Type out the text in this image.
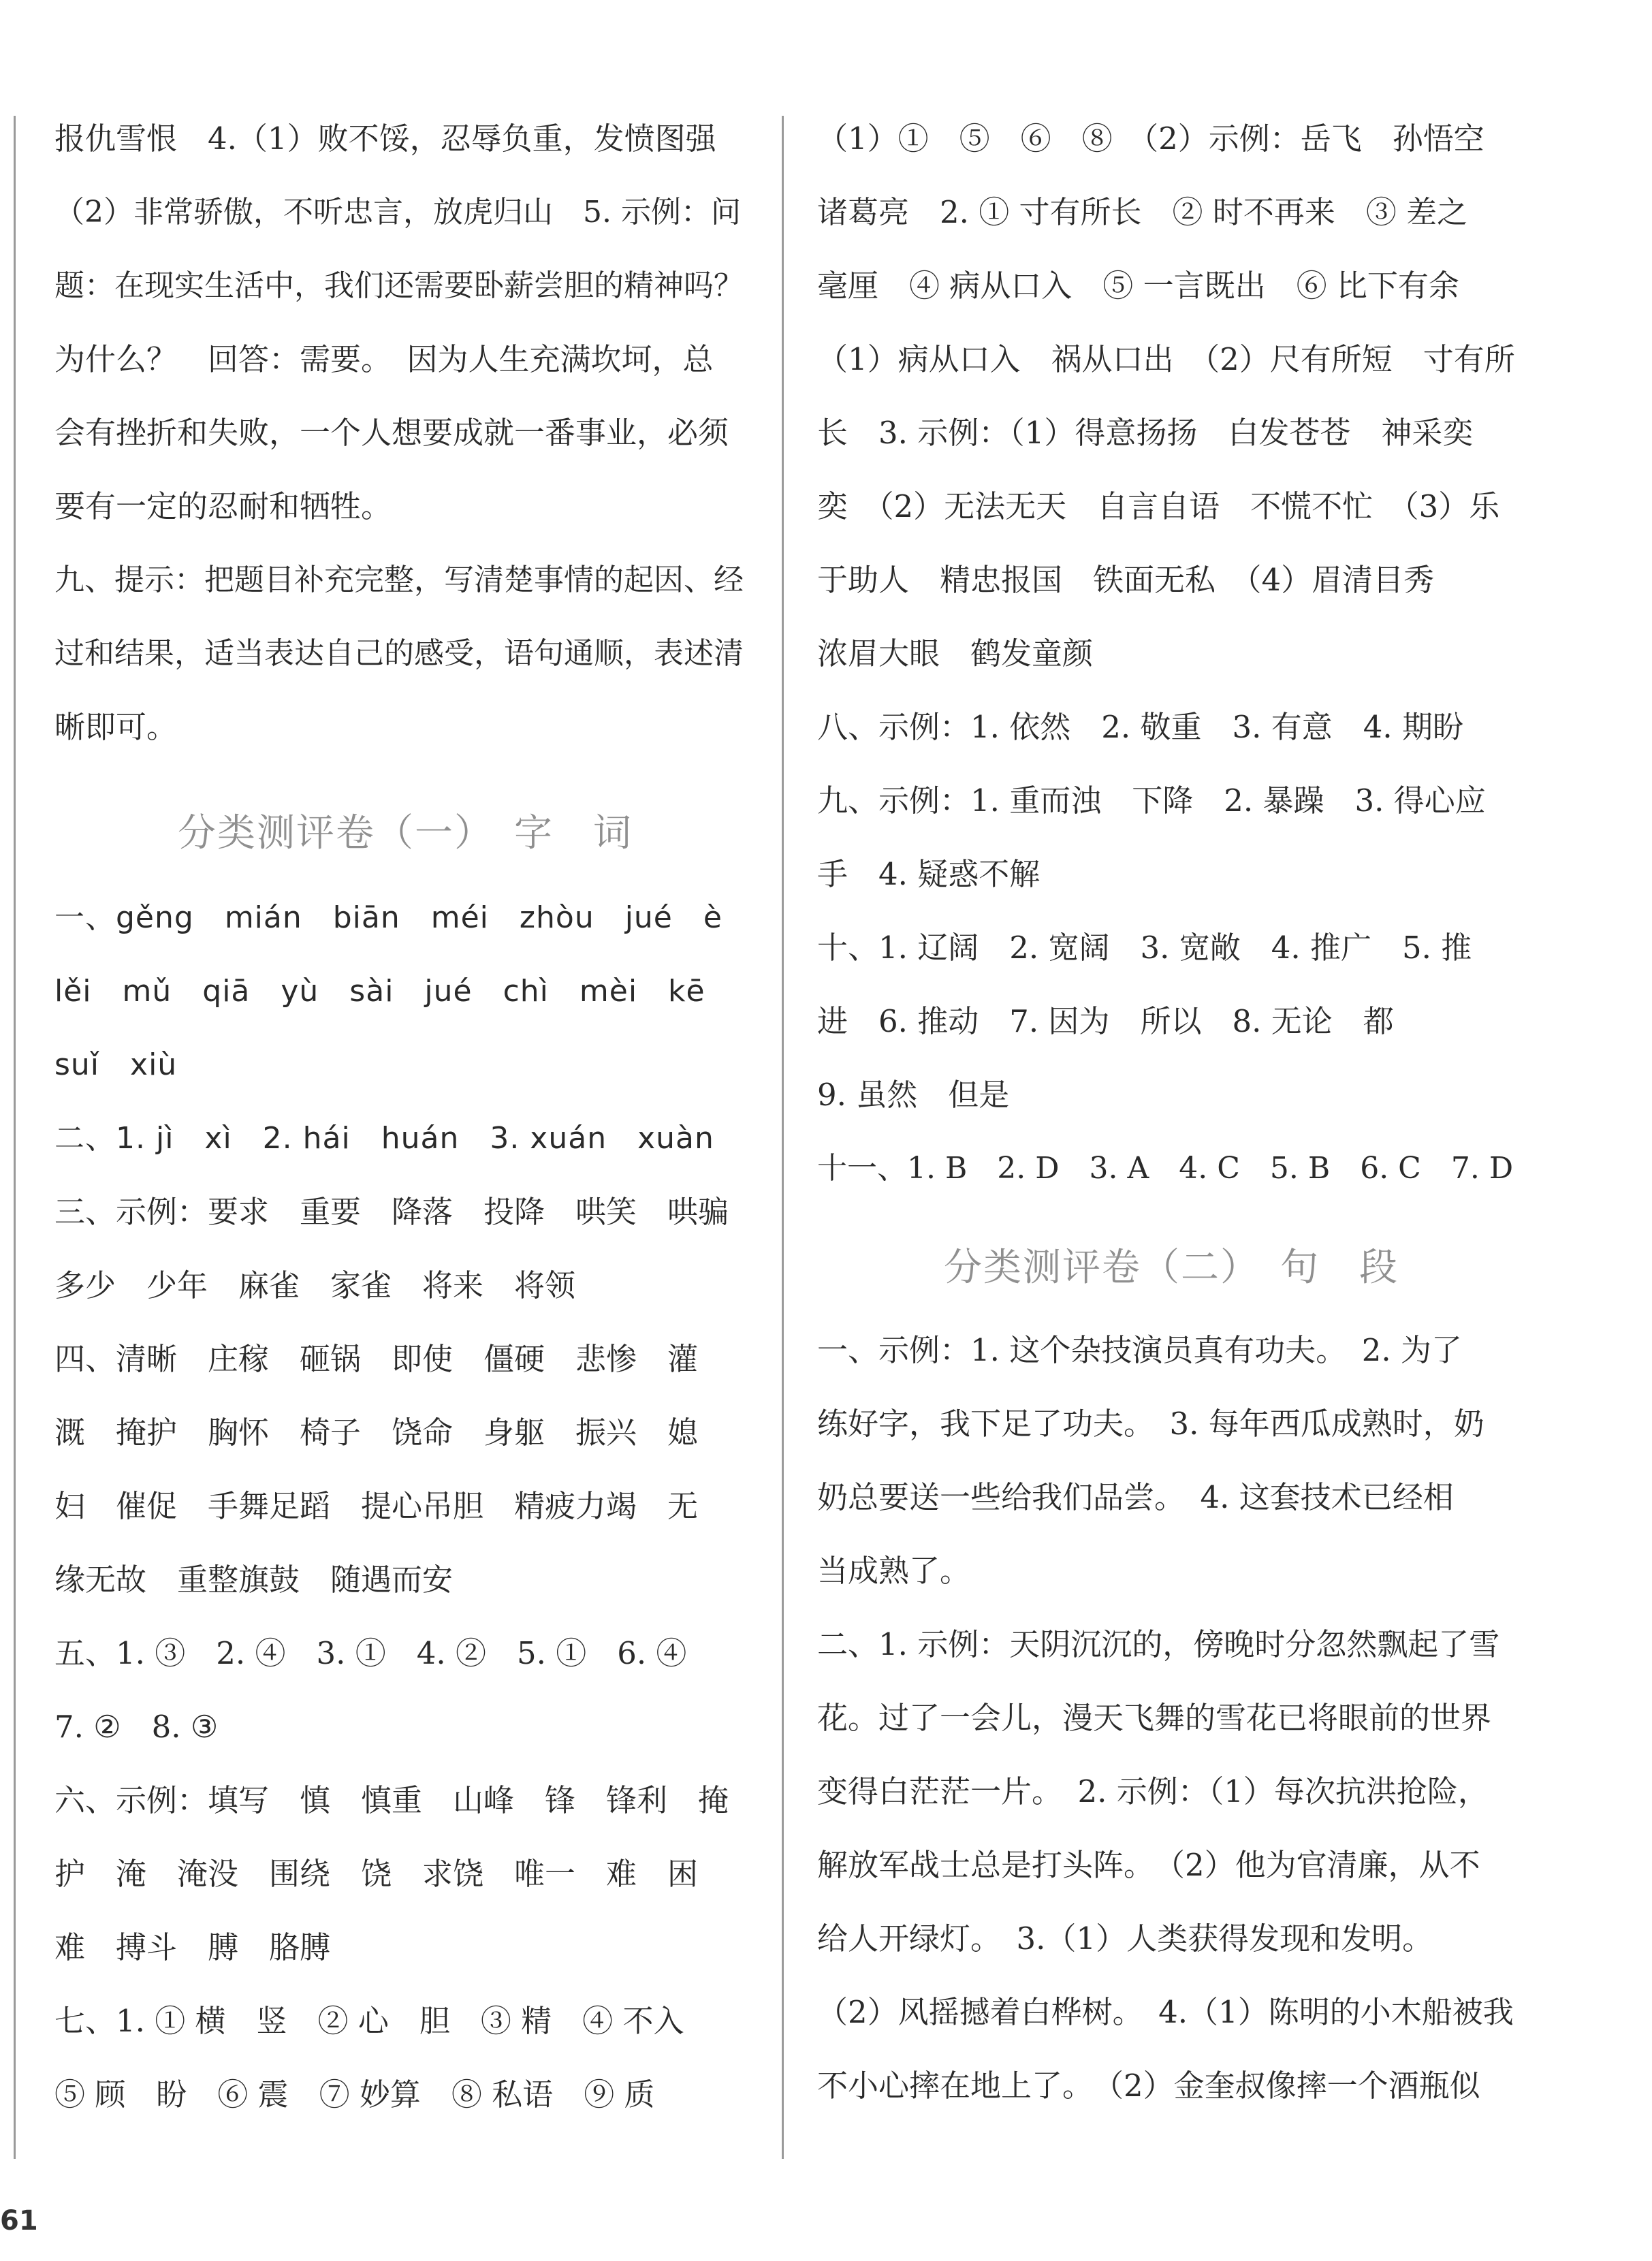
报仇雪恨　4.（1）败不馁，忍辱负重，发愤图强
（2）非常骄傲，不听忠言，放虎归山　5. 示例：问
题：在现实生活中，我们还需要卧薪尝胆的精神吗？
为什么？　回答：需要。　因为人生充满坎坷，总
会有挫折和失败，一个人想要成就一番事业，必须
要有一定的忍耐和牺牲。
九、提示：把题目补充完整，写清楚事情的起因、经
过和结果，适当表达自己的感受，语句通顺，表述清
晰即可。
分类测评卷（一）　字　词
一、gěng　mián　biān　méi　zhòu　jué　è
lěi　mǔ　qiā　yù　sài　jué　chì　mèi　kē
suǐ　xiù
二、1. jì　xì　2. hái　huán　3. xuán　xuàn
三、示例：要求　重要　降落　投降　哄笑　哄骗
多少　少年　麻雀　家雀　将来　将领
四、清晰　庄稼　砸锅　即使　僵硬　悲惨　灌
溉　掩护　胸怀　椅子　饶命　身躯　振兴　媳
妇　催促　手舞足蹈　提心吊胆　精疲力竭　无
缘无故　重整旗鼓　随遇而安
五、1. ③　2. ④　3. ①　4. ②　5. ①　6. ④
7. ②　8. ③
六、示例：填写　慎　慎重　山峰　锋　锋利　掩
护　淹　淹没　围绕　饶　求饶　唯一　难　困
难　搏斗　膊　胳膊
七、1. ① 横　竖　② 心　胆　③ 精　④ 不入
⑤ 顾　盼　⑥ 震　⑦ 妙算　⑧ 私语　⑨ 质
（1）①　⑤　⑥　⑧　（2）示例：岳飞　孙悟空
诸葛亮　2. ① 寸有所长　② 时不再来　③ 差之
毫厘　④ 病从口入　⑤ 一言既出　⑥ 比下有余
（1）病从口入　祸从口出　（2）尺有所短　寸有所
长　3. 示例：（1）得意扬扬　白发苍苍　神采奕
奕　（2）无法无天　自言自语　不慌不忙　（3）乐
于助人　精忠报国　铁面无私　（4）眉清目秀
浓眉大眼　鹤发童颜
八、示例：1. 依然　2. 敬重　3. 有意　4. 期盼
九、示例：1. 重而浊　下降　2. 暴躁　3. 得心应
手　4. 疑惑不解
十、1. 辽阔　2. 宽阔　3. 宽敞　4. 推广　5. 推
进　6. 推动　7. 因为　所以　8. 无论　都
9. 虽然　但是
十一、1. B　2. D　3. A　4. C　5. B　6. C　7. D
分类测评卷（二）　句　段
一、示例：1. 这个杂技演员真有功夫。　2. 为了
练好字，我下足了功夫。　3. 每年西瓜成熟时，奶
奶总要送一些给我们品尝。　4. 这套技术已经相
当成熟了。
二、1. 示例：天阴沉沉的，傍晚时分忽然飘起了雪
花。过了一会儿，漫天飞舞的雪花已将眼前的世界
变得白茫茫一片。　2. 示例：（1）每次抗洪抢险，
解放军战士总是打头阵。　（2）他为官清廉，从不
给人开绿灯。　3.（1）人类获得发现和发明。
（2）风摇撼着白桦树。　4.（1）陈明的小木船被我
不小心摔在地上了。　（2）金奎叔像摔一个酒瓶似
61
